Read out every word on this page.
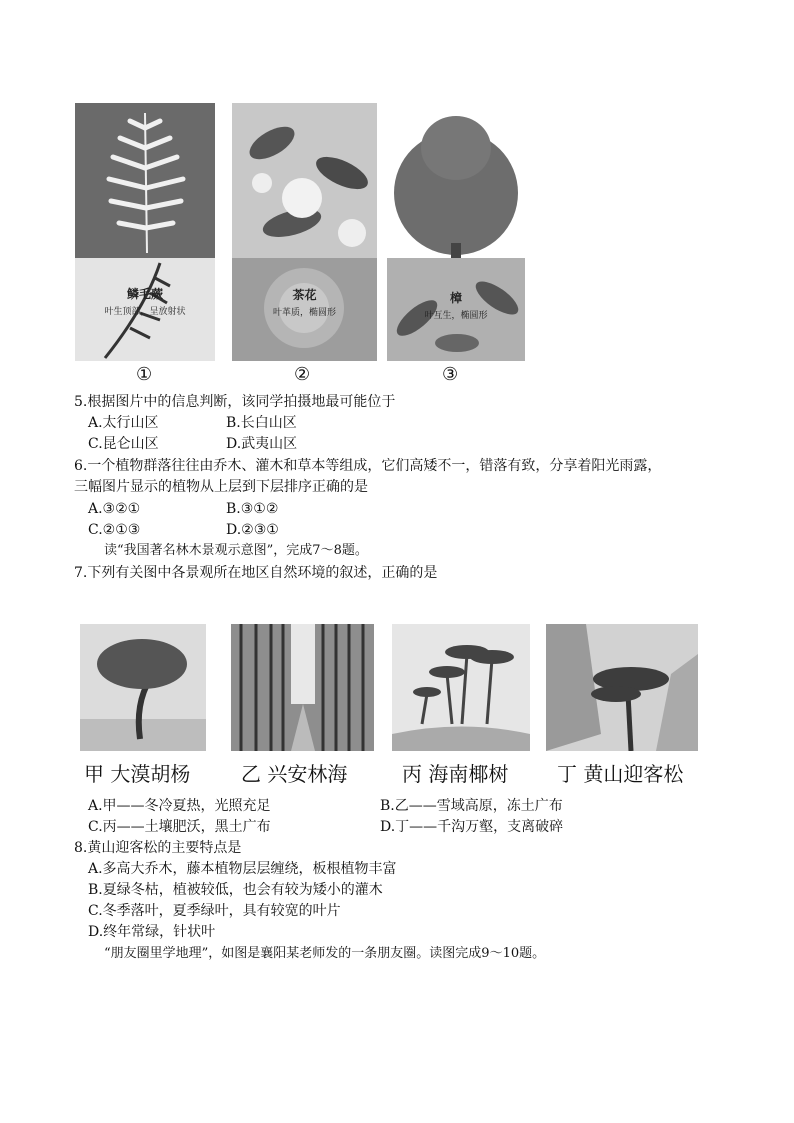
鳞毛蕨
叶生顶部，呈放射状
茶花
叶革质，椭圆形
樟
叶互生，椭圆形
①	②	③
5.根据图片中的信息判断，该同学拍摄地最可能位于
A.太行山区	B.长白山区
C.昆仑山区	D.武夷山区
6.一个植物群落往往由乔木、灌木和草本等组成，它们高矮不一，错落有致，分享着阳光雨露，
三幅图片显示的植物从上层到下层排序正确的是
A.③②①	B.③①②
C.②①③	D.②③①
读“我国著名林木景观示意图”，完成7～8题。
7.下列有关图中各景观所在地区自然环境的叙述，正确的是
甲 大漠胡杨	乙 兴安林海	丙 海南椰树 丁 黄山迎客松
A.甲——冬冷夏热，光照充足	B.乙——雪域高原，冻土广布
C.丙——土壤肥沃，黑土广布	D.丁——千沟万壑，支离破碎
8.黄山迎客松的主要特点是
A.多高大乔木，藤本植物层层缠绕，板根植物丰富
B.夏绿冬枯，植被较低，也会有较为矮小的灌木
C.冬季落叶，夏季绿叶，具有较宽的叶片
D.终年常绿，针状叶
“朋友圈里学地理”，如图是襄阳某老师发的一条朋友圈。读图完成9～10题。
